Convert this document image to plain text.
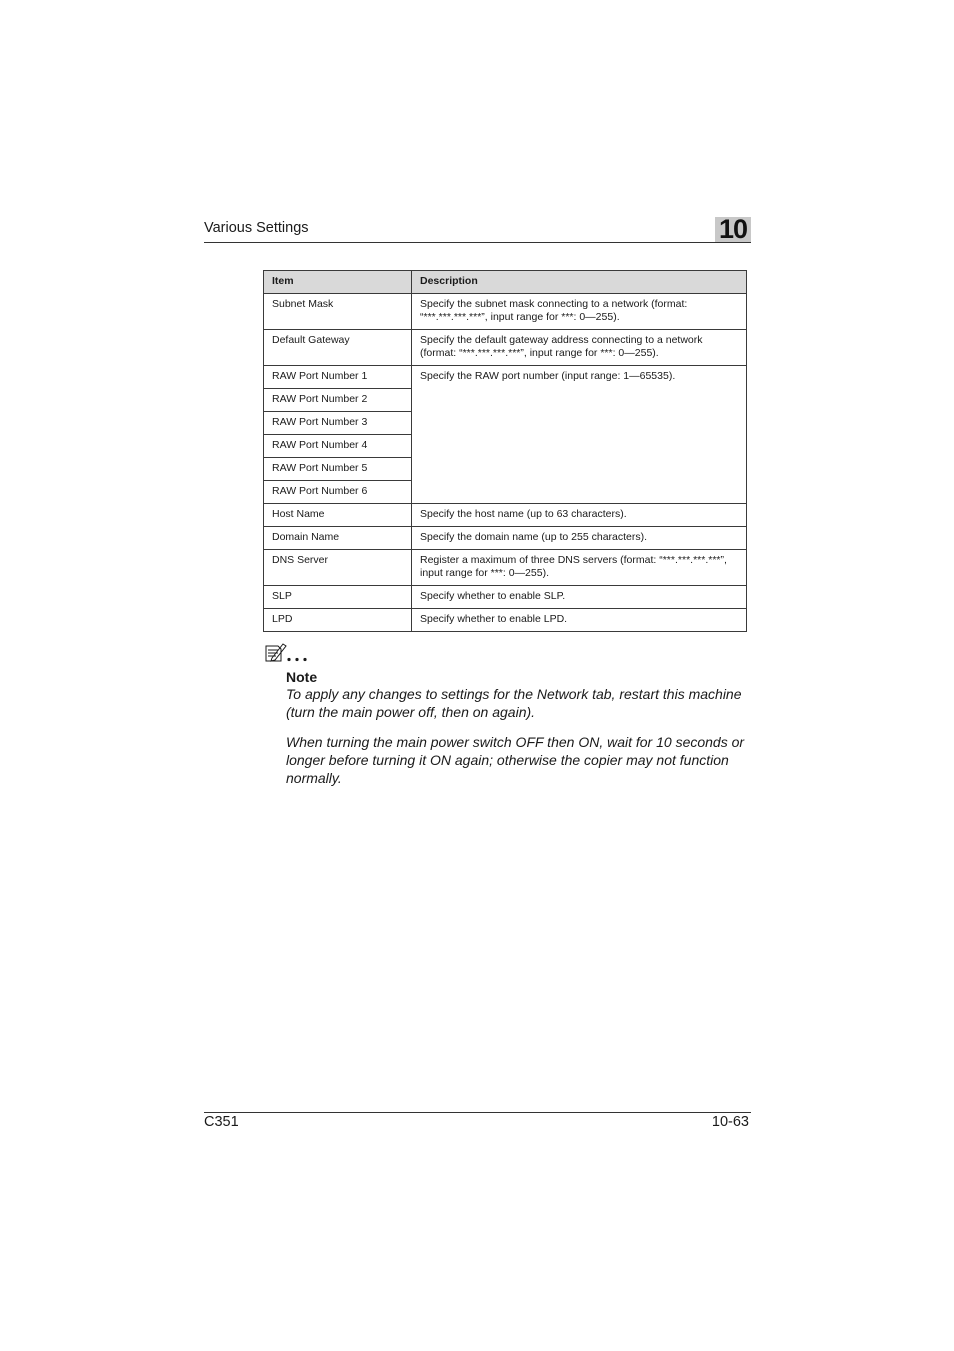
Various Settings	10
Item	Description
Subnet Mask	Specify the subnet mask connecting to a network (format: “***.***.***.***”, input range for ***: 0—255).
Default Gateway	Specify the default gateway address connecting to a network (format: “***.***.***.***”, input range for ***: 0—255).
RAW Port Number 1	Specify the RAW port number (input range: 1—65535).
RAW Port Number 2	
RAW Port Number 3	
RAW Port Number 4	
RAW Port Number 5	
RAW Port Number 6	
Host Name	Specify the host name (up to 63 characters).
Domain Name	Specify the domain name (up to 255 characters).
DNS Server	Register a maximum of three DNS servers (format: “***.***.***.***”, input range for ***: 0—255).
SLP	Specify whether to enable SLP.
LPD	Specify whether to enable LPD.
Note

To apply any changes to settings for the Network tab, restart this machine (turn the main power off, then on again).

When turning the main power switch OFF then ON, wait for 10 seconds or longer before turning it ON again; otherwise the copier may not function normally.

C351	10-63
